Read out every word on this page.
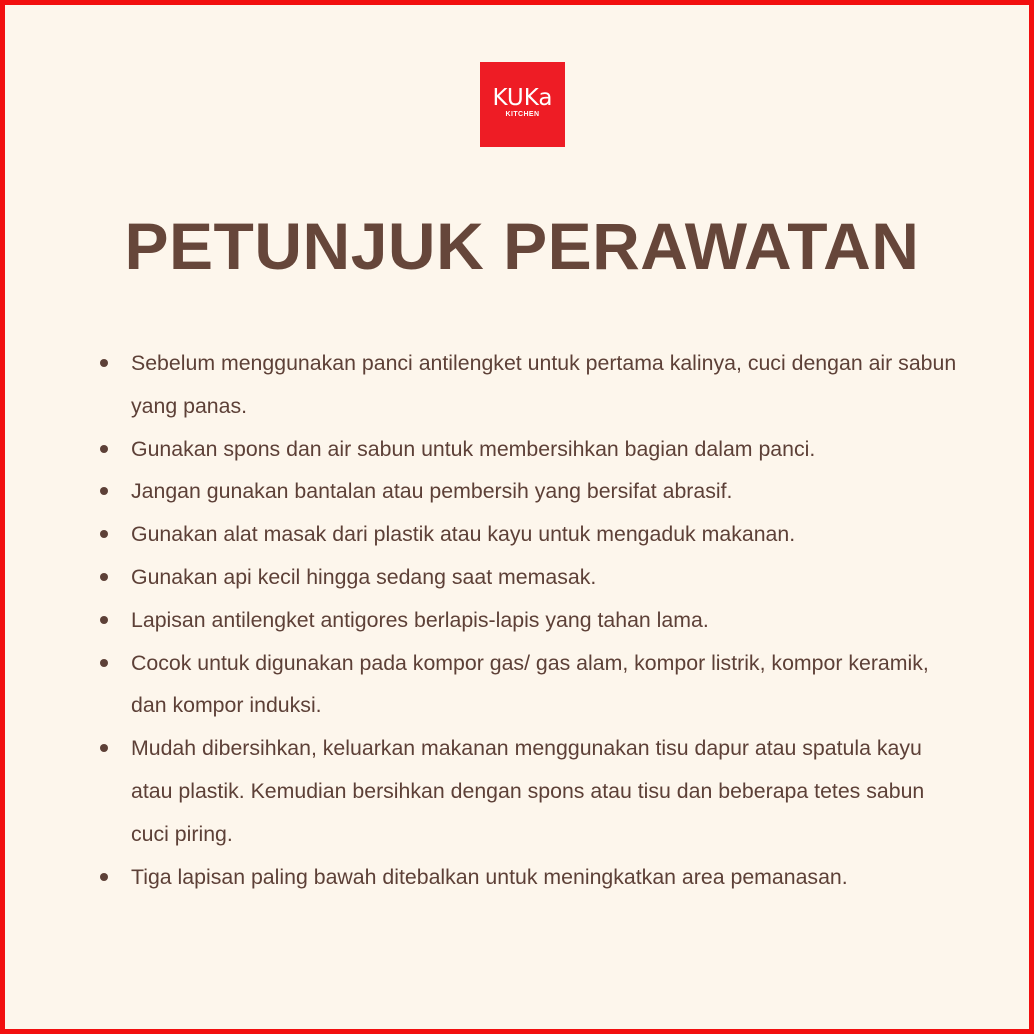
KUKa
KITCHEN
PETUNJUK PERAWATAN
Sebelum menggunakan panci antilengket untuk pertama kalinya, cuci dengan air sabun yang panas.
Gunakan spons dan air sabun untuk membersihkan bagian dalam panci.
Jangan gunakan bantalan atau pembersih yang bersifat abrasif.
Gunakan alat masak dari plastik atau kayu untuk mengaduk makanan.
Gunakan api kecil hingga sedang saat memasak.
Lapisan antilengket antigores berlapis-lapis yang tahan lama.
Cocok untuk digunakan pada kompor gas/ gas alam, kompor listrik, kompor keramik, dan kompor induksi.
Mudah dibersihkan, keluarkan makanan menggunakan tisu dapur atau spatula kayu atau plastik. Kemudian bersihkan dengan spons atau tisu dan beberapa tetes sabun cuci piring.
Tiga lapisan paling bawah ditebalkan untuk meningkatkan area pemanasan.
